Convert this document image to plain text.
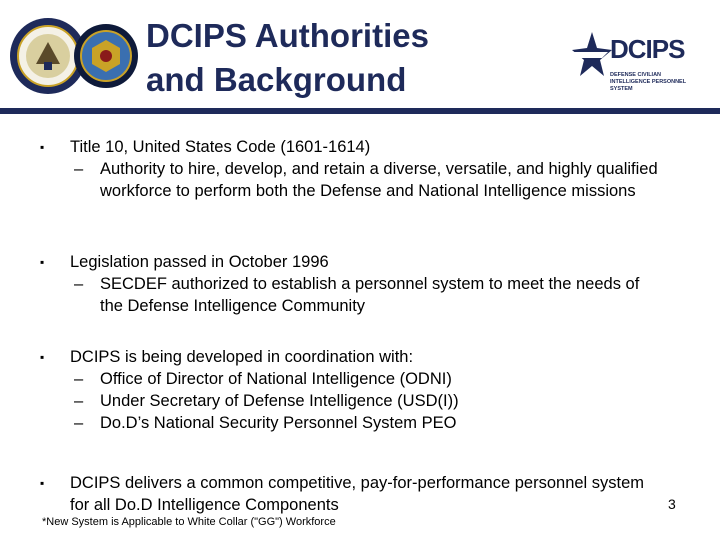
DCIPS Authorities
and Background
DCIPS
DEFENSE CIVILIAN INTELLIGENCE PERSONNEL SYSTEM
▪ Title 10, United States Code (1601-1614)
– Authority to hire, develop, and retain a diverse, versatile, and highly qualified workforce to perform both the Defense and National Intelligence missions
▪ Legislation passed in October 1996
– SECDEF authorized to establish a personnel system to meet the needs of the Defense Intelligence Community
▪ DCIPS is being developed in coordination with:
– Office of Director of National Intelligence (ODNI)
– Under Secretary of Defense Intelligence (USD(I))
– Do.D’s National Security Personnel System PEO
▪ DCIPS delivers a common competitive, pay-for-performance personnel system for all Do.D Intelligence Components
*New System is Applicable to White Collar ("GG") Workforce
3
